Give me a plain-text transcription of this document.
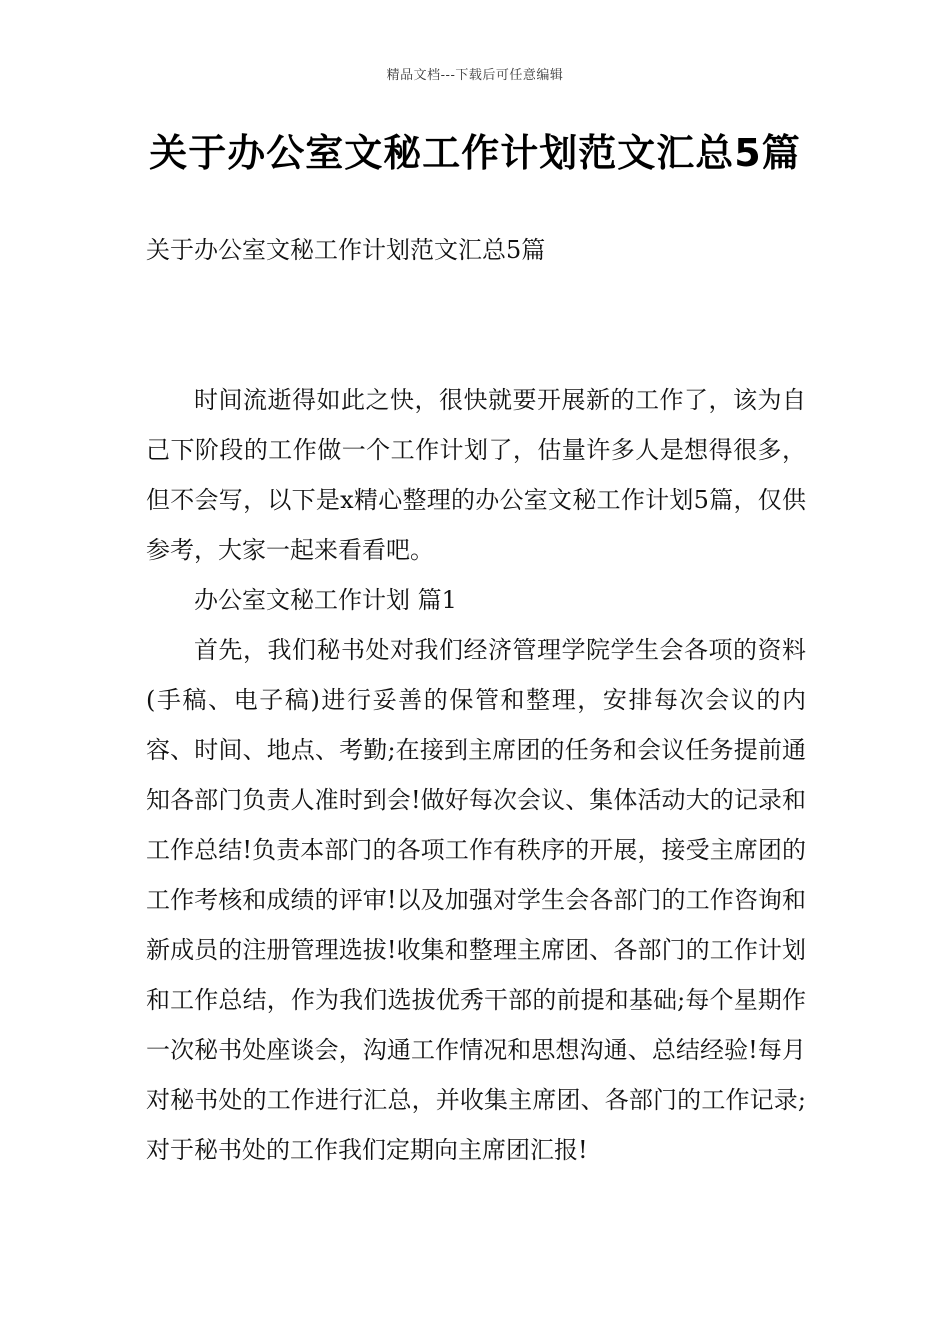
精品文档---下载后可任意编辑
关于办公室文秘工作计划范文汇总5篇
关于办公室文秘工作计划范文汇总5篇

时间流逝得如此之快，很快就要开展新的工作了，该为自己下阶段的工作做一个工作计划了，估量许多人是想得很多，但不会写，以下是x精心整理的办公室文秘工作计划5篇，仅供参考，大家一起来看看吧。

办公室文秘工作计划 篇1

首先，我们秘书处对我们经济管理学院学生会各项的资料(手稿、电子稿)进行妥善的保管和整理，安排每次会议的内容、时间、地点、考勤;在接到主席团的任务和会议任务提前通知各部门负责人准时到会!做好每次会议、集体活动大的记录和工作总结!负责本部门的各项工作有秩序的开展，接受主席团的工作考核和成绩的评审!以及加强对学生会各部门的工作咨询和新成员的注册管理选拔!收集和整理主席团、各部门的工作计划和工作总结，作为我们选拔优秀干部的前提和基础;每个星期作一次秘书处座谈会，沟通工作情况和思想沟通、总结经验!每月对秘书处的工作进行汇总，并收集主席团、各部门的工作记录;对于秘书处的工作我们定期向主席团汇报!
